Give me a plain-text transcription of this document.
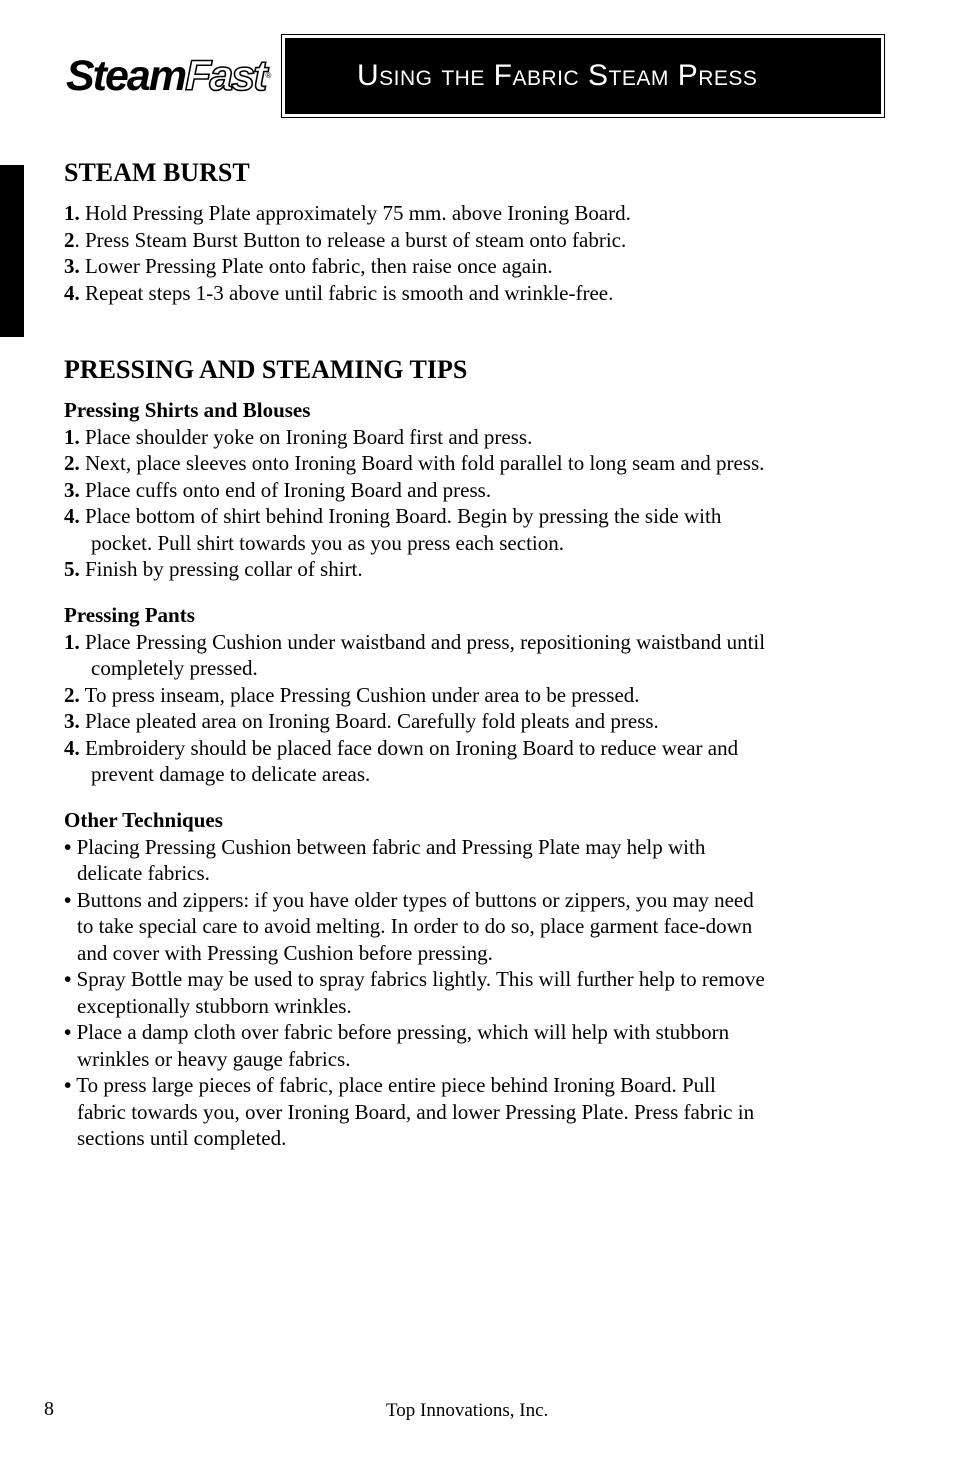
SteamFast®	Using the Fabric Steam Press
STEAM BURST
1. Hold Pressing Plate approximately 75 mm. above Ironing Board.
2. Press Steam Burst Button to release a burst of steam onto fabric.
3. Lower Pressing Plate onto fabric, then raise once again.
4. Repeat steps 1-3 above until fabric is smooth and wrinkle-free.
PRESSING AND STEAMING TIPS
Pressing Shirts and Blouses
1. Place shoulder yoke on Ironing Board first and press.
2. Next, place sleeves onto Ironing Board with fold parallel to long seam and press.
3. Place cuffs onto end of Ironing Board and press.
4. Place bottom of shirt behind Ironing Board. Begin by pressing the side with
pocket. Pull shirt towards you as you press each section.
5. Finish by pressing collar of shirt.
Pressing Pants
1. Place Pressing Cushion under waistband and press, repositioning waistband until
completely pressed.
2. To press inseam, place Pressing Cushion under area to be pressed.
3. Place pleated area on Ironing Board. Carefully fold pleats and press.
4. Embroidery should be placed face down on Ironing Board to reduce wear and
prevent damage to delicate areas.
Other Techniques
• Placing Pressing Cushion between fabric and Pressing Plate may help with
delicate fabrics.
• Buttons and zippers: if you have older types of buttons or zippers, you may need
to take special care to avoid melting. In order to do so, place garment face-down
and cover with Pressing Cushion before pressing.
• Spray Bottle may be used to spray fabrics lightly. This will further help to remove
exceptionally stubborn wrinkles.
• Place a damp cloth over fabric before pressing, which will help with stubborn
wrinkles or heavy gauge fabrics.
• To press large pieces of fabric, place entire piece behind Ironing Board. Pull
fabric towards you, over Ironing Board, and lower Pressing Plate. Press fabric in
sections until completed.
8	Top Innovations, Inc.
